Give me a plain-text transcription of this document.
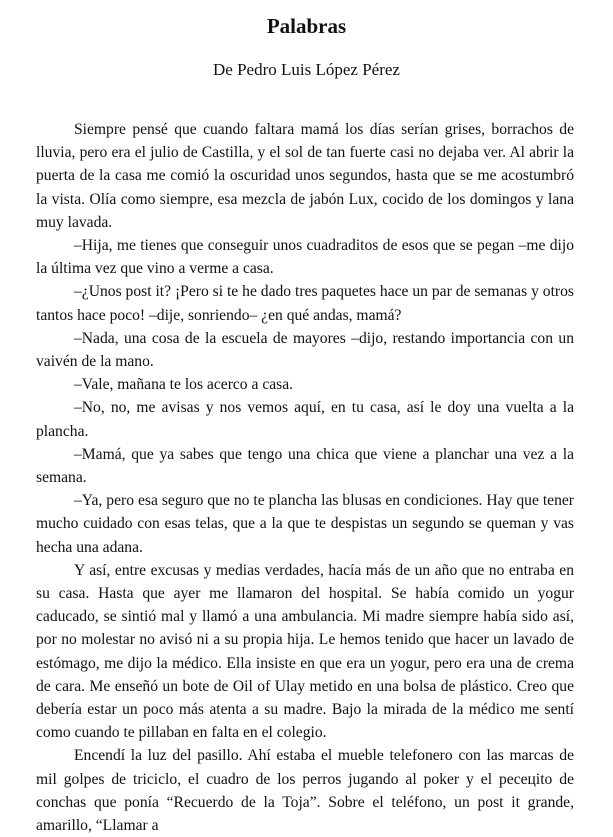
Palabras
De Pedro Luis López Pérez

Siempre pensé que cuando faltara mamá los días serían grises, borrachos de lluvia, pero era el julio de Castilla, y el sol de tan fuerte casi no dejaba ver. Al abrir la puerta de la casa me comió la oscuridad unos segundos, hasta que se me acostumbró la vista. Olía como siempre, esa mezcla de jabón Lux, cocido de los domingos y lana muy lavada.

–Hija, me tienes que conseguir unos cuadraditos de esos que se pegan –me dijo la última vez que vino a verme a casa.

–¿Unos post it? ¡Pero si te he dado tres paquetes hace un par de semanas y otros tantos hace poco! –dije, sonriendo– ¿en qué andas, mamá?

–Nada, una cosa de la escuela de mayores –dijo, restando importancia con un vaivén de la mano.

–Vale, mañana te los acerco a casa.

–No, no, me avisas y nos vemos aquí, en tu casa, así le doy una vuelta a la plancha.

–Mamá, que ya sabes que tengo una chica que viene a planchar una vez a la semana.

–Ya, pero esa seguro que no te plancha las blusas en condiciones. Hay que tener mucho cuidado con esas telas, que a la que te despistas un segundo se queman y vas hecha una adana.

Y así, entre excusas y medias verdades, hacía más de un año que no entraba en su casa. Hasta que ayer me llamaron del hospital. Se había comido un yogur caducado, se sintió mal y llamó a una ambulancia. Mi madre siempre había sido así, por no molestar no avisó ni a su propia hija. Le hemos tenido que hacer un lavado de estómago, me dijo la médico. Ella insiste en que era un yogur, pero era una de crema de cara. Me enseñó un bote de Oil of Ulay metido en una bolsa de plástico. Creo que debería estar un poco más atenta a su madre. Bajo la mirada de la médico me sentí como cuando te pillaban en falta en el colegio.

Encendí la luz del pasillo. Ahí estaba el mueble telefonero con las marcas de mil golpes de triciclo, el cuadro de los perros jugando al poker y el pecецito de conchas que ponía “Recuerdo de la Toja”. Sobre el teléfono, un post it grande, amarillo, “Llamar a
